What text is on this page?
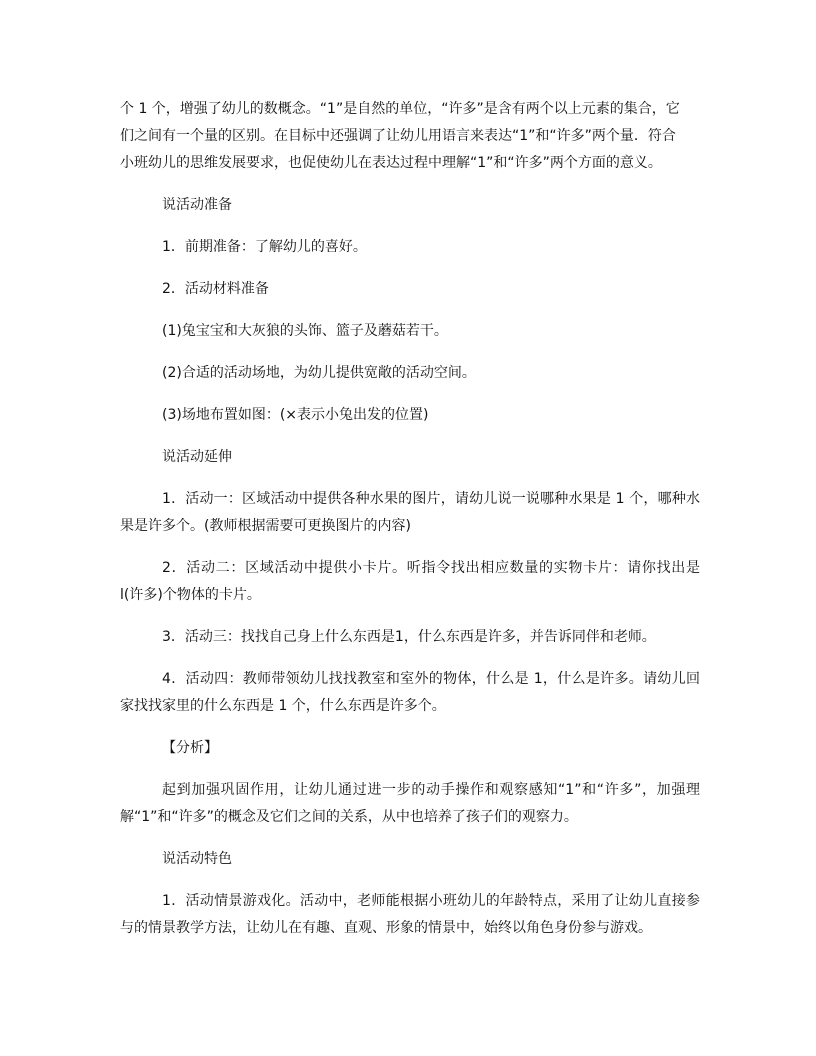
个 1 个，增强了幼儿的数概念。“1”是自然的单位，“许多”是含有两个以上元素的集合，它
们之间有一个量的区别。在目标中还强调了让幼儿用语言来表达“1”和“许多”两个量．符合
小班幼儿的思维发展要求，也促使幼儿在表达过程中理解“1”和“许多”两个方面的意义。

说活动准备

1．前期准备：了解幼儿的喜好。

2．活动材料准备

(1)兔宝宝和大灰狼的头饰、篮子及蘑菇若干。

(2)合适的活动场地，为幼儿提供宽敞的活动空间。

(3)场地布置如图：(×表示小兔出发的位置)

说活动延伸

1．活动一：区域活动中提供各种水果的图片，请幼儿说一说哪种水果是 1 个，哪种水果是许多个。(教师根据需要可更换图片的内容)

2．活动二：区域活动中提供小卡片。听指令找出相应数量的实物卡片：请你找出是 l(许多)个物体的卡片。

3．活动三：找找自己身上什么东西是1，什么东西是许多，并告诉同伴和老师。

4．活动四：教师带领幼儿找找教室和室外的物体，什么是 1，什么是许多。请幼儿回家找找家里的什么东西是 1 个，什么东西是许多个。

【分析】

起到加强巩固作用，让幼儿通过进一步的动手操作和观察感知“1”和“许多”，加强理解“1”和“许多”的概念及它们之间的关系，从中也培养了孩子们的观察力。

说活动特色

1．活动情景游戏化。活动中，老师能根据小班幼儿的年龄特点，采用了让幼儿直接参与的情景教学方法，让幼儿在有趣、直观、形象的情景中，始终以角色身份参与游戏。
